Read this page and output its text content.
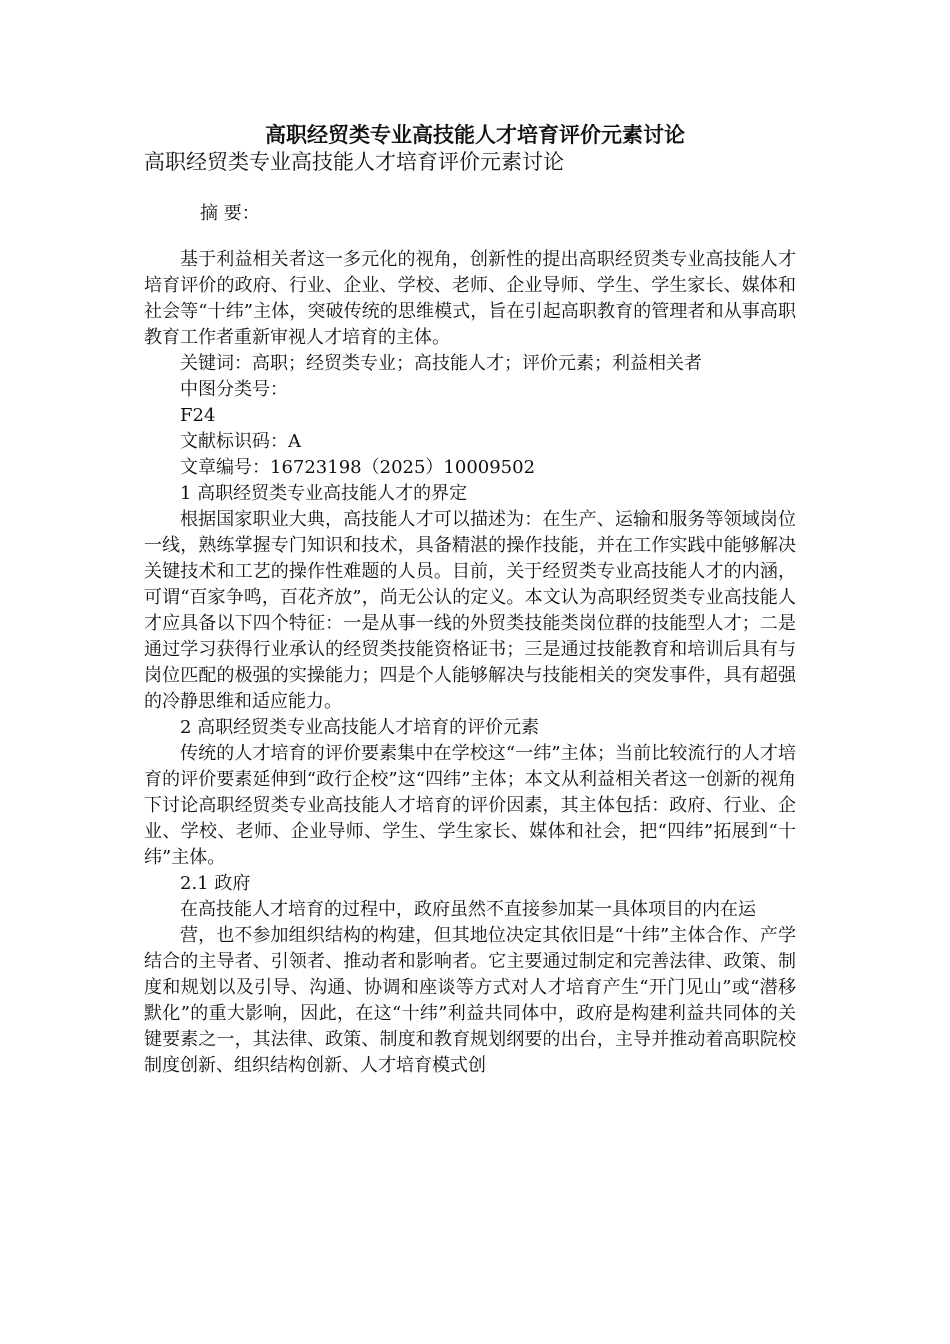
高职经贸类专业高技能人才培育评价元素讨论
高职经贸类专业高技能人才培育评价元素讨论
摘 要：

基于利益相关者这一多元化的视角，创新性的提出高职经贸类专业高技能人才培育评价的政府、行业、企业、学校、老师、企业导师、学生、学生家长、媒体和社会等“十纬”主体，突破传统的思维模式，旨在引起高职教育的管理者和从事高职教育工作者重新审视人才培育的主体。

关键词：高职；经贸类专业；高技能人才；评价元素；利益相关者

中图分类号：

F24

文献标识码：A

文章编号：16723198（2025）10009502

1 高职经贸类专业高技能人才的界定

根据国家职业大典，高技能人才可以描述为：在生产、运输和服务等领域岗位一线，熟练掌握专门知识和技术，具备精湛的操作技能，并在工作实践中能够解决关键技术和工艺的操作性难题的人员。目前，关于经贸类专业高技能人才的内涵，可谓“百家争鸣，百花齐放”，尚无公认的定义。本文认为高职经贸类专业高技能人才应具备以下四个特征：一是从事一线的外贸类技能类岗位群的技能型人才；二是通过学习获得行业承认的经贸类技能资格证书；三是通过技能教育和培训后具有与岗位匹配的极强的实操能力；四是个人能够解决与技能相关的突发事件，具有超强的冷静思维和适应能力。

2 高职经贸类专业高技能人才培育的评价元素

传统的人才培育的评价要素集中在学校这“一纬”主体；当前比较流行的人才培育的评价要素延伸到“政行企校”这“四纬”主体；本文从利益相关者这一创新的视角下讨论高职经贸类专业高技能人才培育的评价因素，其主体包括：政府、行业、企业、学校、老师、企业导师、学生、学生家长、媒体和社会，把“四纬”拓展到“十纬”主体。

2.1 政府

在高技能人才培育的过程中，政府虽然不直接参加某一具体项目的内在运

营，也不参加组织结构的构建，但其地位决定其依旧是“十纬”主体合作、产学结合的主导者、引领者、推动者和影响者。它主要通过制定和完善法律、政策、制度和规划以及引导、沟通、协调和座谈等方式对人才培育产生“开门见山”或“潜移默化”的重大影响，因此，在这“十纬”利益共同体中，政府是构建利益共同体的关键要素之一，其法律、政策、制度和教育规划纲要的出台，主导并推动着高职院校制度创新、组织结构创新、人才培育模式创
